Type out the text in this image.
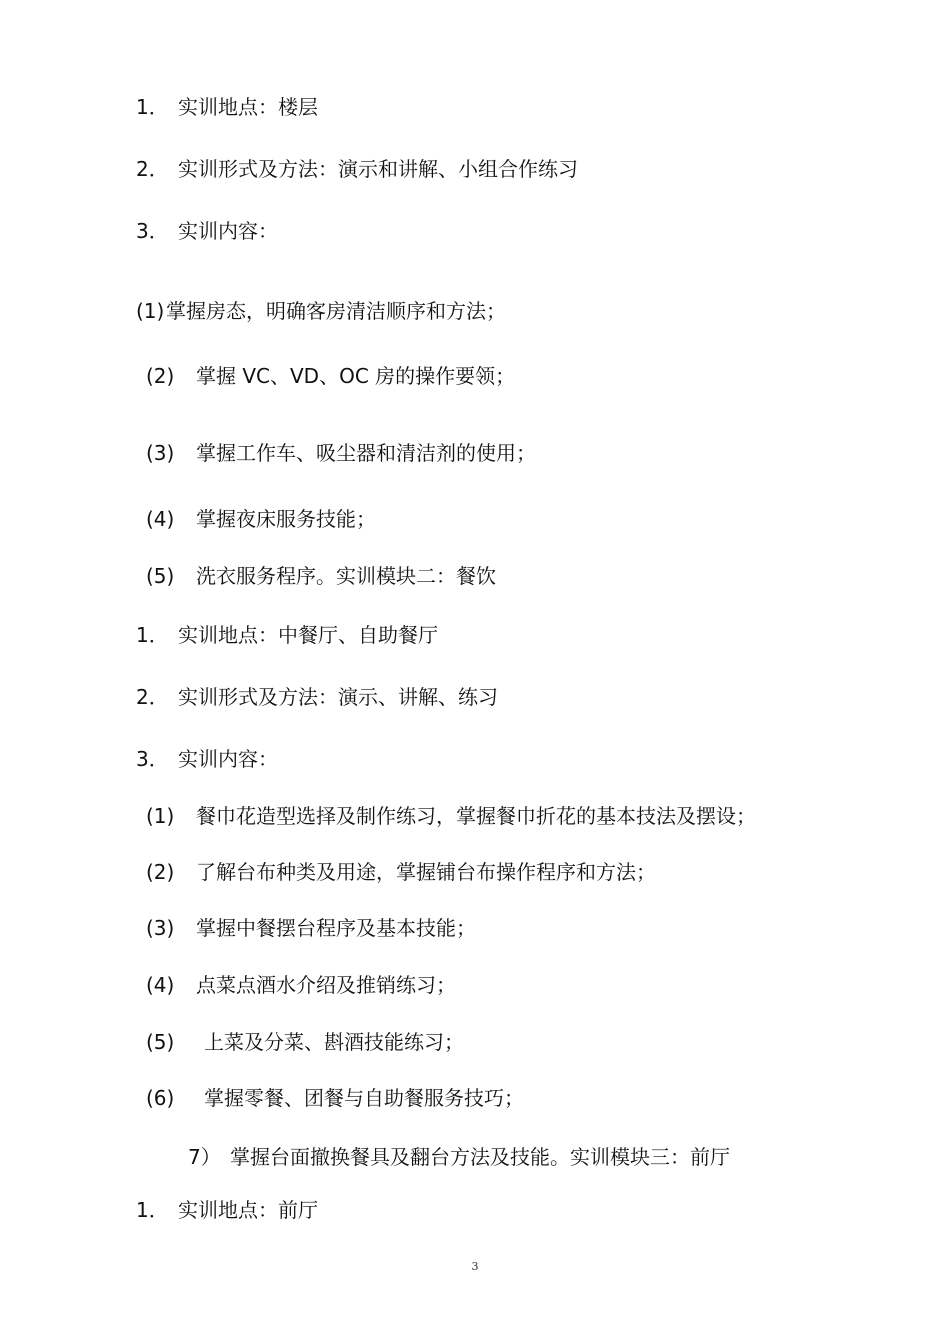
1． 实训地点：楼层

2． 实训形式及方法：演示和讲解、小组合作练习

3． 实训内容：

(1)掌握房态，明确客房清洁顺序和方法；

(2) 掌握 VC、VD、OC 房的操作要领；

(3) 掌握工作车、吸尘器和清洁剂的使用；

(4) 掌握夜床服务技能；

(5) 洗衣服务程序。实训模块二：餐饮

1． 实训地点：中餐厅、自助餐厅

2． 实训形式及方法：演示、讲解、练习

3． 实训内容：

(1) 餐巾花造型选择及制作练习，掌握餐巾折花的基本技法及摆设；

(2) 了解台布种类及用途，掌握铺台布操作程序和方法；

(3) 掌握中餐摆台程序及基本技能；

(4) 点菜点酒水介绍及推销练习；

(5) 上菜及分菜、斟酒技能练习；

(6) 掌握零餐、团餐与自助餐服务技巧；

7） 掌握台面撤换餐具及翻台方法及技能。实训模块三：前厅

1． 实训地点：前厅

3
